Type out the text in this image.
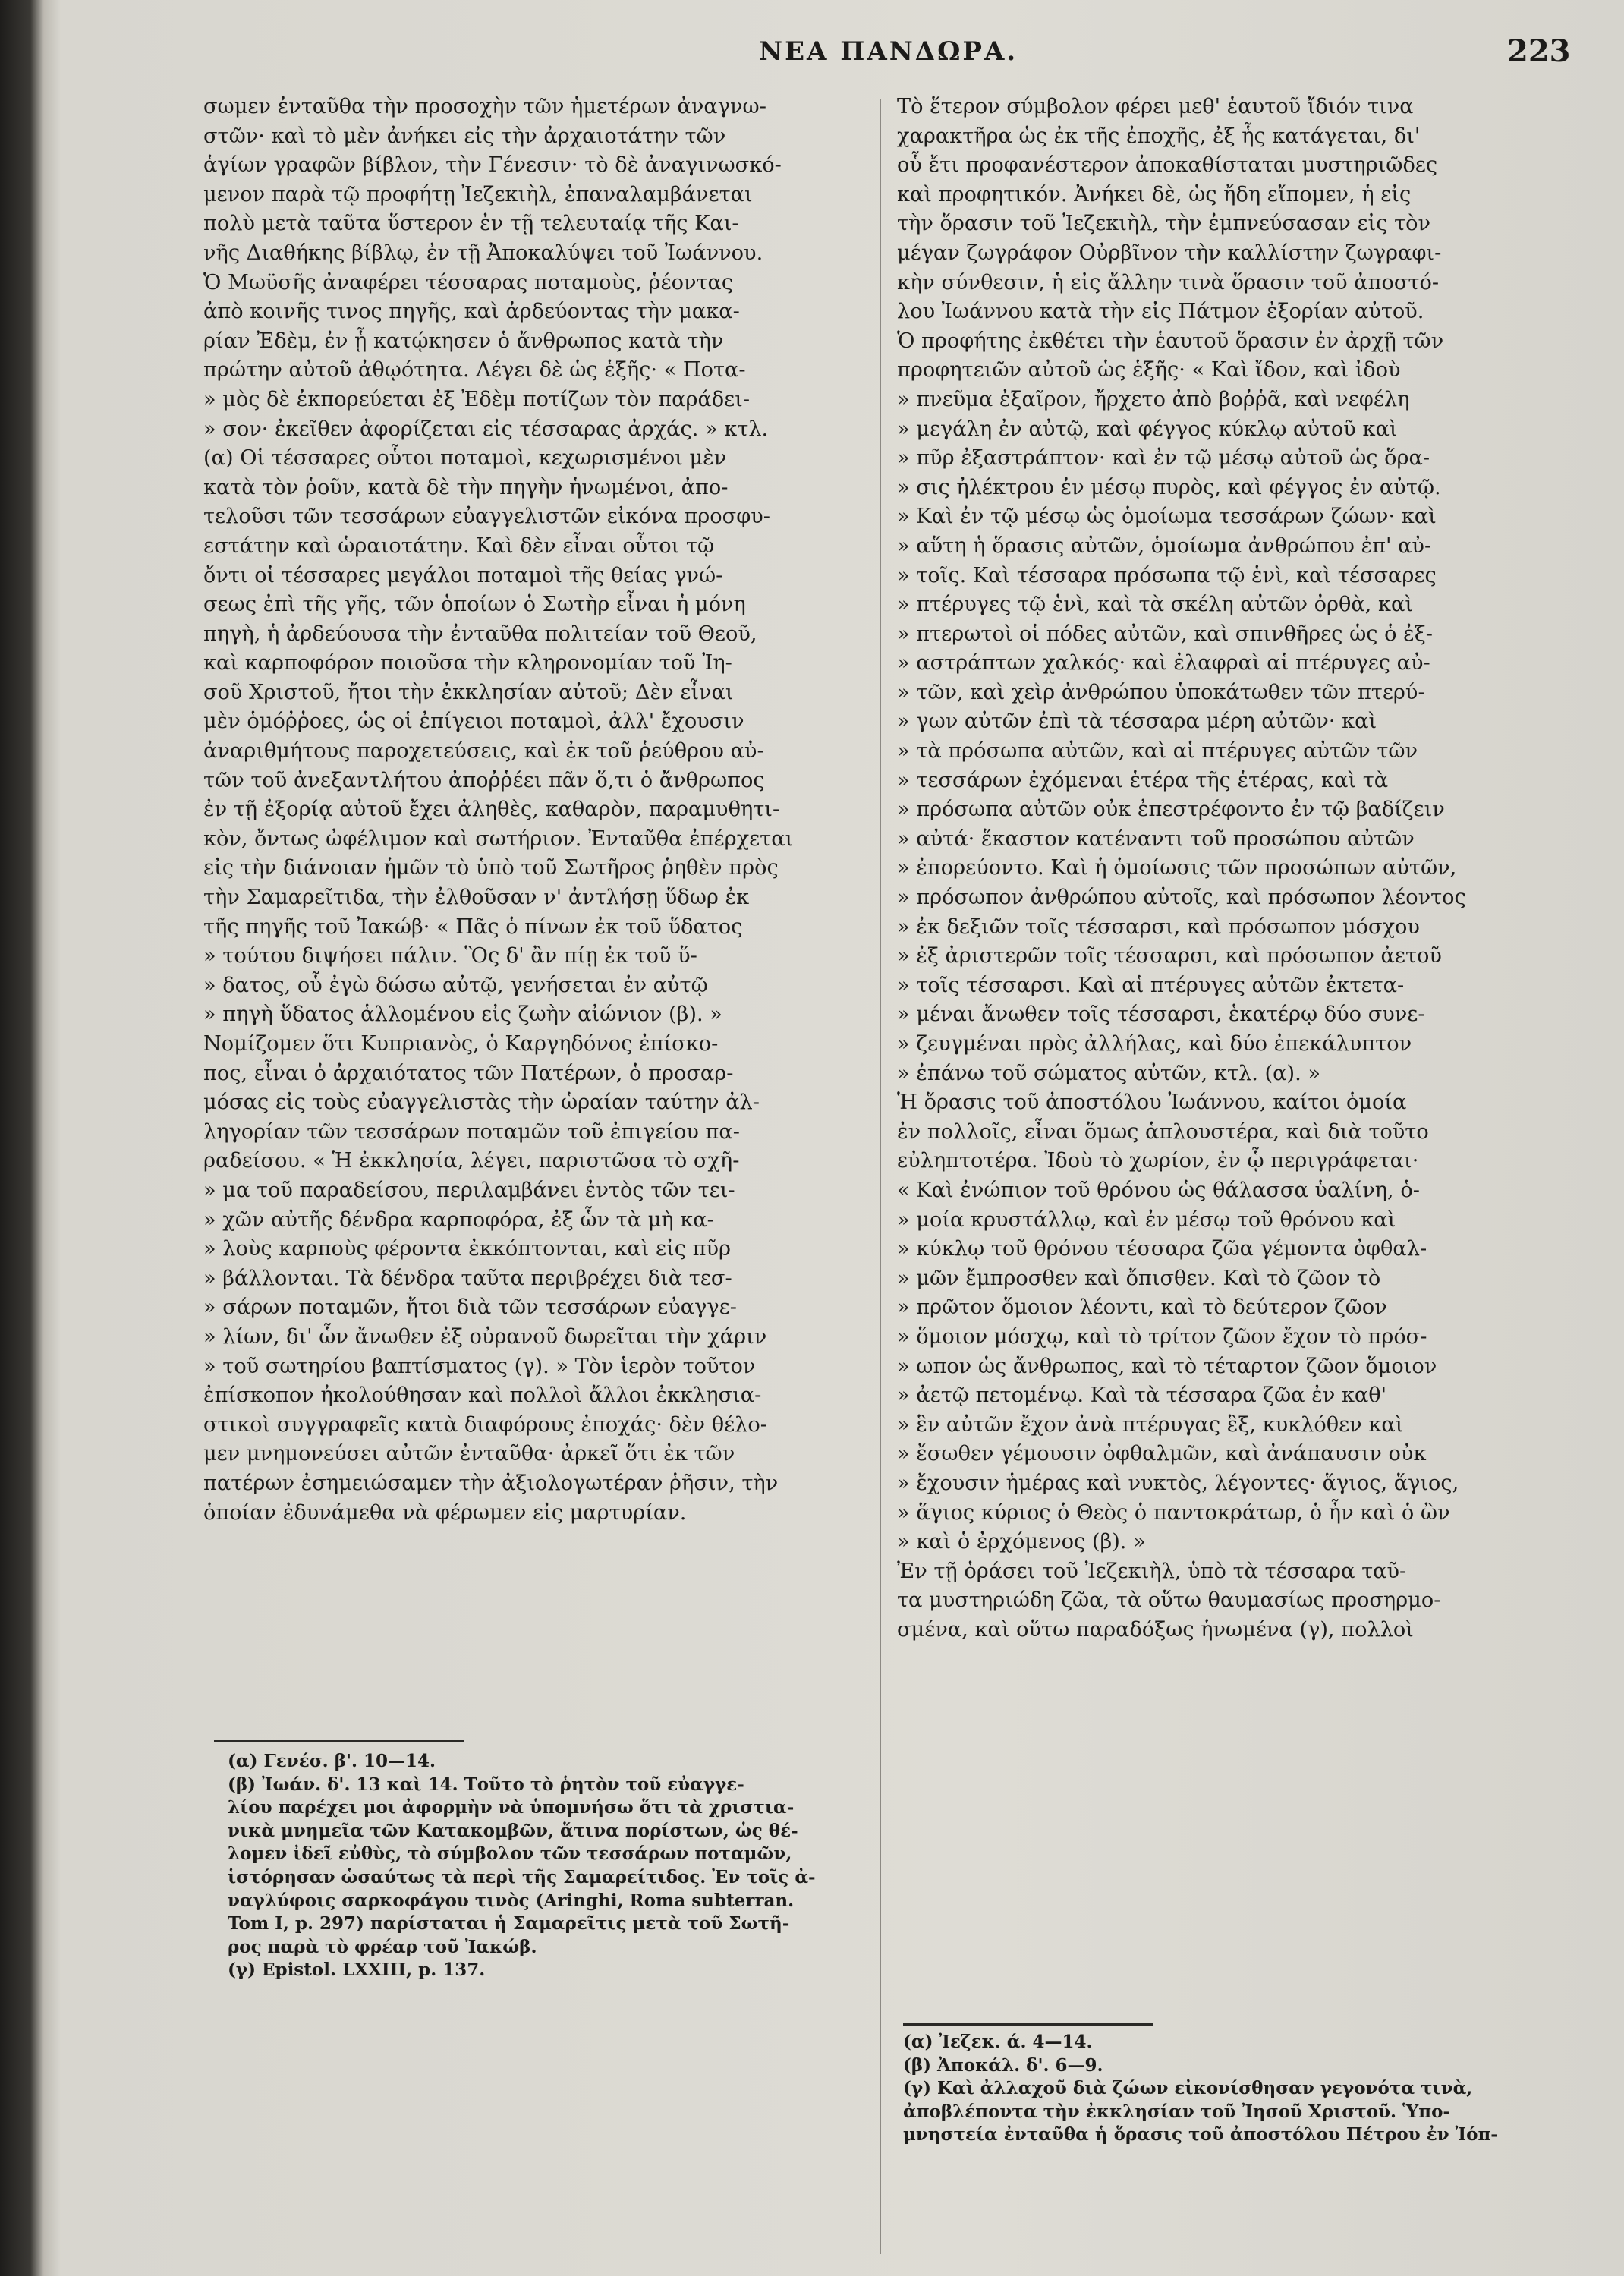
ΝΕΑ ΠΑΝΔΩΡΑ.	223
σωμεν ἐνταῦθα τὴν προσοχὴν τῶν ἡμετέρων ἀναγνω-
στῶν· καὶ τὸ μὲν ἀνήκει εἰς τὴν ἀρχαιοτάτην τῶν
ἁγίων γραφῶν βίβλον, τὴν Γένεσιν· τὸ δὲ ἀναγινωσκό-
μενον παρὰ τῷ προφήτῃ Ἰεζεκιὴλ, ἐπαναλαμβάνεται
πολὺ μετὰ ταῦτα ὕστερον ἐν τῇ τελευταίᾳ τῆς Και-
νῆς Διαθήκης βίβλῳ, ἐν τῇ Ἀποκαλύψει τοῦ Ἰωάννου.
Ὁ Μωϋσῆς ἀναφέρει τέσσαρας ποταμοὺς, ῥέοντας
ἀπὸ κοινῆς τινος πηγῆς, καὶ ἀρδεύοντας τὴν μακα-
ρίαν Ἐδὲμ, ἐν ᾗ κατῴκησεν ὁ ἄνθρωπος κατὰ τὴν
πρώτην αὐτοῦ ἀθῳότητα. Λέγει δὲ ὡς ἑξῆς· « Ποτα-
» μὸς δὲ ἐκπορεύεται ἐξ Ἐδὲμ ποτίζων τὸν παράδει-
» σον· ἐκεῖθεν ἀφορίζεται εἰς τέσσαρας ἀρχάς. » κτλ.
(α) Οἱ τέσσαρες οὗτοι ποταμοὶ, κεχωρισμένοι μὲν
κατὰ τὸν ῥοῦν, κατὰ δὲ τὴν πηγὴν ἡνωμένοι, ἀπο-
τελοῦσι τῶν τεσσάρων εὐαγγελιστῶν εἰκόνα προσφυ-
εστάτην καὶ ὡραιοτάτην. Καὶ δὲν εἶναι οὗτοι τῷ
ὄντι οἱ τέσσαρες μεγάλοι ποταμοὶ τῆς θείας γνώ-
σεως ἐπὶ τῆς γῆς, τῶν ὁποίων ὁ Σωτὴρ εἶναι ἡ μόνη
πηγὴ, ἡ ἀρδεύουσα τὴν ἐνταῦθα πολιτείαν τοῦ Θεοῦ,
καὶ καρποφόρον ποιοῦσα τὴν κληρονομίαν τοῦ Ἰη-
σοῦ Χριστοῦ, ἤτοι τὴν ἐκκλησίαν αὐτοῦ; Δὲν εἶναι
μὲν ὁμόῤῥοες, ὡς οἱ ἐπίγειοι ποταμοὶ, ἀλλ' ἔχουσιν
ἀναριθμήτους παροχετεύσεις, καὶ ἐκ τοῦ ῥεύθρου αὐ-
τῶν τοῦ ἀνεξαντλήτου ἀποῤῥέει πᾶν ὅ,τι ὁ ἄνθρωπος
ἐν τῇ ἐξορίᾳ αὐτοῦ ἔχει ἀληθὲς, καθαρὸν, παραμυθητι-
κὸν, ὄντως ὠφέλιμον καὶ σωτήριον. Ἐνταῦθα ἐπέρχεται
εἰς τὴν διάνοιαν ἡμῶν τὸ ὑπὸ τοῦ Σωτῆρος ῥηθὲν πρὸς
τὴν Σαμαρεῖτιδα, τὴν ἐλθοῦσαν ν' ἀντλήσῃ ὕδωρ ἐκ
τῆς πηγῆς τοῦ Ἰακώβ· « Πᾶς ὁ πίνων ἐκ τοῦ ὕδατος
» τούτου διψήσει πάλιν. Ὃς δ' ἂν πίῃ ἐκ τοῦ ὕ-
» δατος, οὗ ἐγὼ δώσω αὐτῷ, γενήσεται ἐν αὐτῷ
» πηγὴ ὕδατος ἁλλομένου εἰς ζωὴν αἰώνιον (β). »
Νομίζομεν ὅτι Κυπριανὸς, ὁ Καργηδόνος ἐπίσκο-
πος, εἶναι ὁ ἀρχαιότατος τῶν Πατέρων, ὁ προσαρ-
μόσας εἰς τοὺς εὐαγγελιστὰς τὴν ὡραίαν ταύτην ἀλ-
ληγορίαν τῶν τεσσάρων ποταμῶν τοῦ ἐπιγείου πα-
ραδείσου. « Ἡ ἐκκλησία, λέγει, παριστῶσα τὸ σχῆ-
» μα τοῦ παραδείσου, περιλαμβάνει ἐντὸς τῶν τει-
» χῶν αὐτῆς δένδρα καρποφόρα, ἐξ ὧν τὰ μὴ κα-
» λοὺς καρποὺς φέροντα ἐκκόπτονται, καὶ εἰς πῦρ
» βάλλονται. Τὰ δένδρα ταῦτα περιβρέχει διὰ τεσ-
» σάρων ποταμῶν, ἤτοι διὰ τῶν τεσσάρων εὐαγγε-
» λίων, δι' ὧν ἄνωθεν ἐξ οὐρανοῦ δωρεῖται τὴν χάριν
» τοῦ σωτηρίου βαπτίσματος (γ). » Τὸν ἱερὸν τοῦτον
ἐπίσκοπον ἠκολούθησαν καὶ πολλοὶ ἄλλοι ἐκκλησια-
στικοὶ συγγραφεῖς κατὰ διαφόρους ἐποχάς· δὲν θέλο-
μεν μνημονεύσει αὐτῶν ἐνταῦθα· ἀρκεῖ ὅτι ἐκ τῶν
πατέρων ἐσημειώσαμεν τὴν ἀξιολογωτέραν ῥῆσιν, τὴν
ὁποίαν ἐδυνάμεθα νὰ φέρωμεν εἰς μαρτυρίαν.
Τὸ ἕτερον σύμβολον φέρει μεθ' ἑαυτοῦ ἴδιόν τινα
χαρακτῆρα ὡς ἐκ τῆς ἐποχῆς, ἐξ ἧς κατάγεται, δι'
οὗ ἔτι προφανέστερον ἀποκαθίσταται μυστηριῶδες
καὶ προφητικόν. Ἀνήκει δὲ, ὡς ἤδη εἴπομεν, ἡ εἰς
τὴν ὅρασιν τοῦ Ἰεζεκιὴλ, τὴν ἐμπνεύσασαν εἰς τὸν
μέγαν ζωγράφον Οὐρβῖνον τὴν καλλίστην ζωγραφι-
κὴν σύνθεσιν, ἡ εἰς ἄλλην τινὰ ὅρασιν τοῦ ἀποστό-
λου Ἰωάννου κατὰ τὴν εἰς Πάτμον ἐξορίαν αὐτοῦ.
Ὁ προφήτης ἐκθέτει τὴν ἑαυτοῦ ὅρασιν ἐν ἀρχῇ τῶν
προφητειῶν αὐτοῦ ὡς ἑξῆς· « Καὶ ἴδον, καὶ ἰδοὺ
» πνεῦμα ἐξαῖρον, ἤρχετο ἀπὸ βοῤῥᾶ, καὶ νεφέλη
» μεγάλη ἐν αὐτῷ, καὶ φέγγος κύκλῳ αὐτοῦ καὶ
» πῦρ ἐξαστράπτον· καὶ ἐν τῷ μέσῳ αὐτοῦ ὡς ὅρα-
» σις ἠλέκτρου ἐν μέσῳ πυρὸς, καὶ φέγγος ἐν αὐτῷ.
» Καὶ ἐν τῷ μέσῳ ὡς ὁμοίωμα τεσσάρων ζώων· καὶ
» αὕτη ἡ ὅρασις αὐτῶν, ὁμοίωμα ἀνθρώπου ἐπ' αὐ-
» τοῖς. Καὶ τέσσαρα πρόσωπα τῷ ἑνὶ, καὶ τέσσαρες
» πτέρυγες τῷ ἑνὶ, καὶ τὰ σκέλη αὐτῶν ὀρθὰ, καὶ
» πτερωτοὶ οἱ πόδες αὐτῶν, καὶ σπινθῆρες ὡς ὁ ἐξ-
» αστράπτων χαλκός· καὶ ἐλαφραὶ αἱ πτέρυγες αὐ-
» τῶν, καὶ χεὶρ ἀνθρώπου ὑποκάτωθεν τῶν πτερύ-
» γων αὐτῶν ἐπὶ τὰ τέσσαρα μέρη αὐτῶν· καὶ
» τὰ πρόσωπα αὐτῶν, καὶ αἱ πτέρυγες αὐτῶν τῶν
» τεσσάρων ἐχόμεναι ἑτέρα τῆς ἑτέρας, καὶ τὰ
» πρόσωπα αὐτῶν οὐκ ἐπεστρέφοντο ἐν τῷ βαδίζειν
» αὐτά· ἕκαστον κατέναντι τοῦ προσώπου αὐτῶν
» ἐπορεύοντο. Καὶ ἡ ὁμοίωσις τῶν προσώπων αὐτῶν,
» πρόσωπον ἀνθρώπου αὐτοῖς, καὶ πρόσωπον λέοντος
» ἐκ δεξιῶν τοῖς τέσσαρσι, καὶ πρόσωπον μόσχου
» ἐξ ἀριστερῶν τοῖς τέσσαρσι, καὶ πρόσωπον ἀετοῦ
» τοῖς τέσσαρσι. Καὶ αἱ πτέρυγες αὐτῶν ἐκτετα-
» μέναι ἄνωθεν τοῖς τέσσαρσι, ἑκατέρῳ δύο συνε-
» ζευγμέναι πρὸς ἀλλήλας, καὶ δύο ἐπεκάλυπτον
» ἐπάνω τοῦ σώματος αὐτῶν, κτλ. (α). »
Ἡ ὅρασις τοῦ ἀποστόλου Ἰωάννου, καίτοι ὁμοία
ἐν πολλοῖς, εἶναι ὅμως ἁπλουστέρα, καὶ διὰ τοῦτο
εὐληπτοτέρα. Ἰδοὺ τὸ χωρίον, ἐν ᾧ περιγράφεται·
« Καὶ ἐνώπιον τοῦ θρόνου ὡς θάλασσα ὑαλίνη, ὁ-
» μοία κρυστάλλῳ, καὶ ἐν μέσῳ τοῦ θρόνου καὶ
» κύκλῳ τοῦ θρόνου τέσσαρα ζῶα γέμοντα ὀφθαλ-
» μῶν ἔμπροσθεν καὶ ὄπισθεν. Καὶ τὸ ζῶον τὸ
» πρῶτον ὅμοιον λέοντι, καὶ τὸ δεύτερον ζῶον
» ὅμοιον μόσχῳ, καὶ τὸ τρίτον ζῶον ἔχον τὸ πρόσ-
» ωπον ὡς ἄνθρωπος, καὶ τὸ τέταρτον ζῶον ὅμοιον
» ἀετῷ πετομένῳ. Καὶ τὰ τέσσαρα ζῶα ἐν καθ'
» ἓν αὐτῶν ἔχον ἀνὰ πτέρυγας ἓξ, κυκλόθεν καὶ
» ἔσωθεν γέμουσιν ὀφθαλμῶν, καὶ ἀνάπαυσιν οὐκ
» ἔχουσιν ἡμέρας καὶ νυκτὸς, λέγοντες· ἅγιος, ἅγιος,
» ἅγιος κύριος ὁ Θεὸς ὁ παντοκράτωρ, ὁ ἦν καὶ ὁ ὢν
» καὶ ὁ ἐρχόμενος (β). »
Ἐν τῇ ὁράσει τοῦ Ἰεζεκιὴλ, ὑπὸ τὰ τέσσαρα ταῦ-
τα μυστηριώδη ζῶα, τὰ οὕτω θαυμασίως προσηρμο-
σμένα, καὶ οὕτω παραδόξως ἡνωμένα (γ), πολλοὶ
(α) Γενέσ. β'. 10—14.
(β) Ἰωάν. δ'. 13 καὶ 14. Τοῦτο τὸ ῥητὸν τοῦ εὐαγγε-
λίου παρέχει μοι ἀφορμὴν νὰ ὑπομνήσω ὅτι τὰ χριστια-
νικὰ μνημεῖα τῶν Κατακομβῶν, ἅτινα πορίστων, ὡς θέ-
λομεν ἰδεῖ εὐθὺς, τὸ σύμβολον τῶν τεσσάρων ποταμῶν,
ἱστόρησαν ὡσαύτως τὰ περὶ τῆς Σαμαρείτιδος. Ἐν τοῖς ἀ-
ναγλύφοις σαρκοφάγου τινὸς (Aringhi, Roma subterran.
Tom I, p. 297) παρίσταται ἡ Σαμαρεῖτις μετὰ τοῦ Σωτῆ-
ρος παρὰ τὸ φρέαρ τοῦ Ἰακώβ.
(γ) Epistol. LXXIII, p. 137.
(α) Ἰεζεκ. ά. 4—14.
(β) Ἀποκάλ. δ'. 6—9.
(γ) Καὶ ἀλλαχοῦ διὰ ζώων εἰκονίσθησαν γεγονότα τινὰ,
ἀποβλέποντα τὴν ἐκκλησίαν τοῦ Ἰησοῦ Χριστοῦ. Ὑπο-
μνηστεία ἐνταῦθα ἡ ὅρασις τοῦ ἀποστόλου Πέτρου ἐν Ἰόπ-
